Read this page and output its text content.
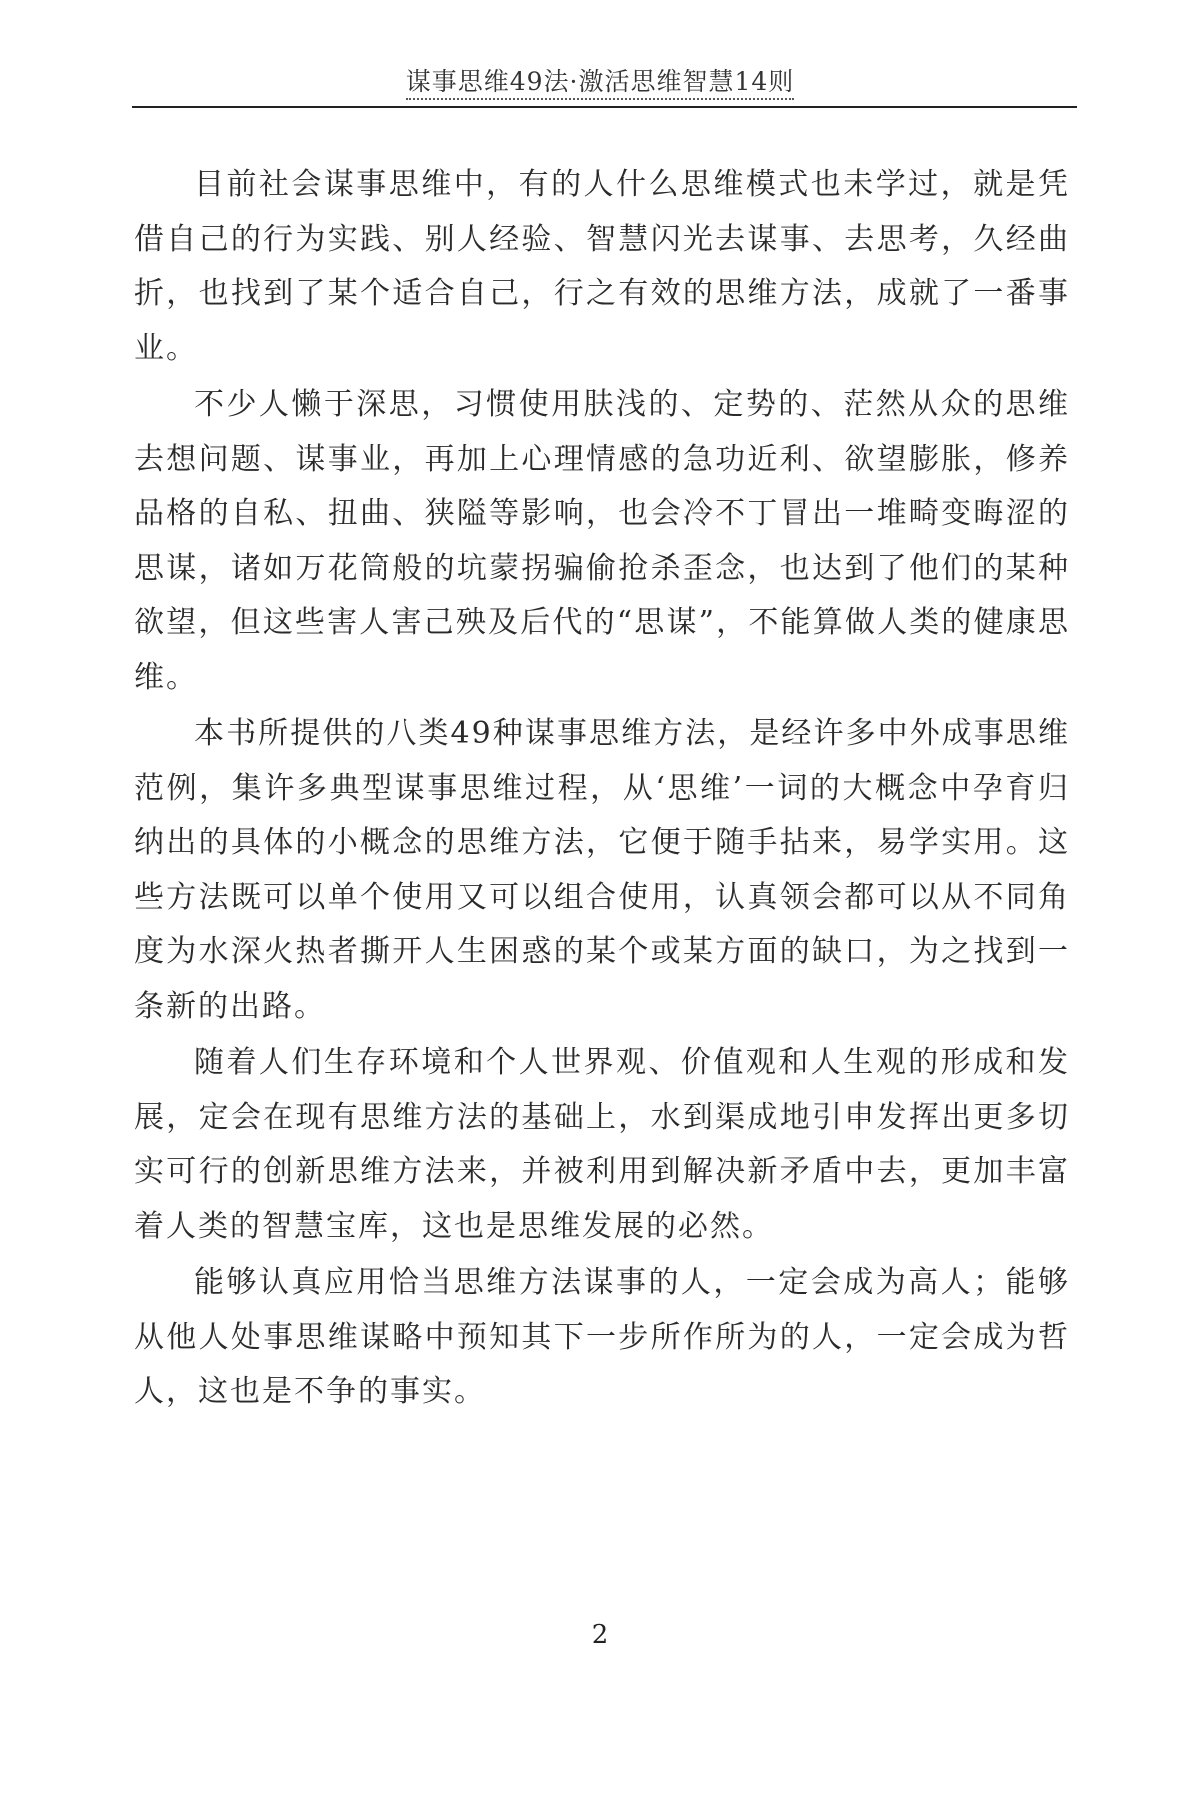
谋事思维49法·激活思维智慧14则

目前社会谋事思维中，有的人什么思维模式也未学过，就是凭借自己的行为实践、别人经验、智慧闪光去谋事、去思考，久经曲折，也找到了某个适合自己，行之有效的思维方法，成就了一番事业。

不少人懒于深思，习惯使用肤浅的、定势的、茫然从众的思维去想问题、谋事业，再加上心理情感的急功近利、欲望膨胀，修养品格的自私、扭曲、狭隘等影响，也会冷不丁冒出一堆畸变晦涩的思谋，诸如万花筒般的坑蒙拐骗偷抢杀歪念，也达到了他们的某种欲望，但这些害人害己殃及后代的“思谋”，不能算做人类的健康思维。

本书所提供的八类49种谋事思维方法，是经许多中外成事思维范例，集许多典型谋事思维过程，从‘思维’一词的大概念中孕育归纳出的具体的小概念的思维方法，它便于随手拈来，易学实用。这些方法既可以单个使用又可以组合使用，认真领会都可以从不同角度为水深火热者撕开人生困惑的某个或某方面的缺口，为之找到一条新的出路。

随着人们生存环境和个人世界观、价值观和人生观的形成和发展，定会在现有思维方法的基础上，水到渠成地引申发挥出更多切实可行的创新思维方法来，并被利用到解决新矛盾中去，更加丰富着人类的智慧宝库，这也是思维发展的必然。

能够认真应用恰当思维方法谋事的人，一定会成为高人；能够从他人处事思维谋略中预知其下一步所作所为的人，一定会成为哲人，这也是不争的事实。

2
